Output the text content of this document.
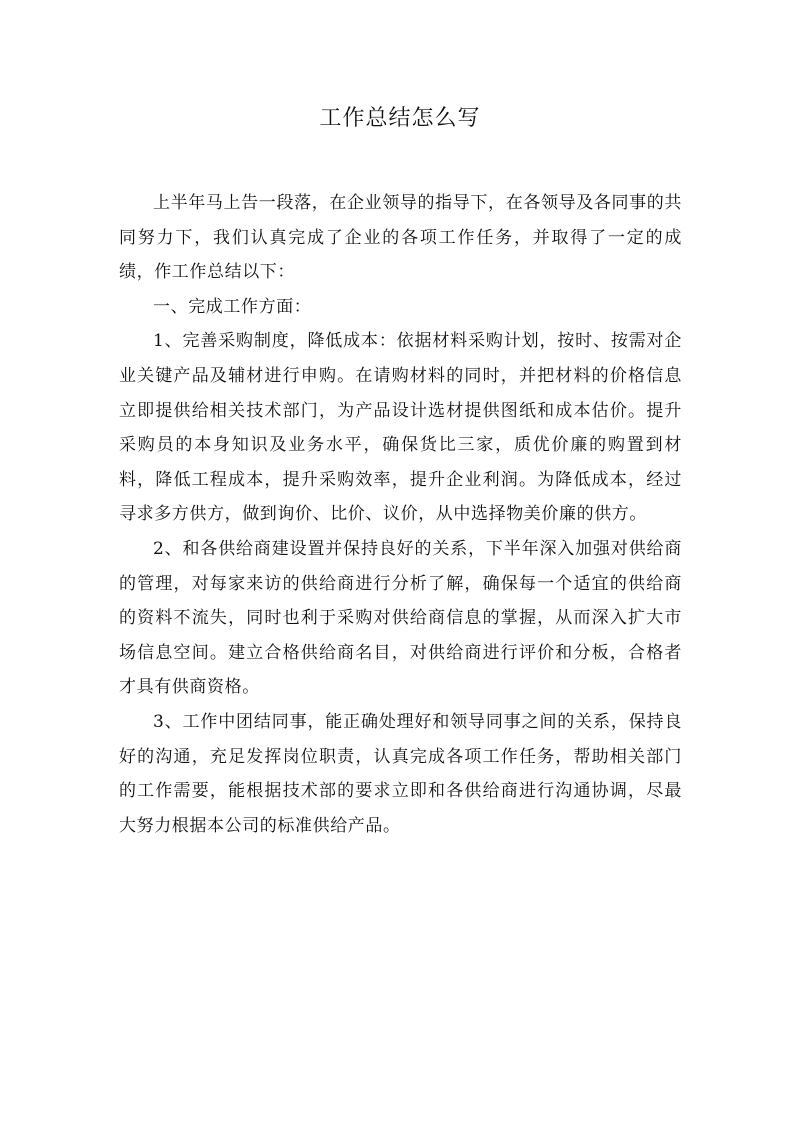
工作总结怎么写

上半年马上告一段落，在企业领导的指导下，在各领导及各同事的共同努力下，我们认真完成了企业的各项工作任务，并取得了一定的成绩，作工作总结以下：

一、完成工作方面：

1、完善采购制度，降低成本：依据材料采购计划，按时、按需对企业关键产品及辅材进行申购。在请购材料的同时，并把材料的价格信息立即提供给相关技术部门，为产品设计选材提供图纸和成本估价。提升采购员的本身知识及业务水平，确保货比三家，质优价廉的购置到材料，降低工程成本，提升采购效率，提升企业利润。为降低成本，经过寻求多方供方，做到询价、比价、议价，从中选择物美价廉的供方。

2、和各供给商建设置并保持良好的关系，下半年深入加强对供给商的管理，对每家来访的供给商进行分析了解，确保每一个适宜的供给商的资料不流失，同时也利于采购对供给商信息的掌握，从而深入扩大市场信息空间。建立合格供给商名目，对供给商进行评价和分板，合格者才具有供商资格。

3、工作中团结同事，能正确处理好和领导同事之间的关系，保持良好的沟通，充足发挥岗位职责，认真完成各项工作任务，帮助相关部门的工作需要，能根据技术部的要求立即和各供给商进行沟通协调，尽最大努力根据本公司的标准供给产品。
